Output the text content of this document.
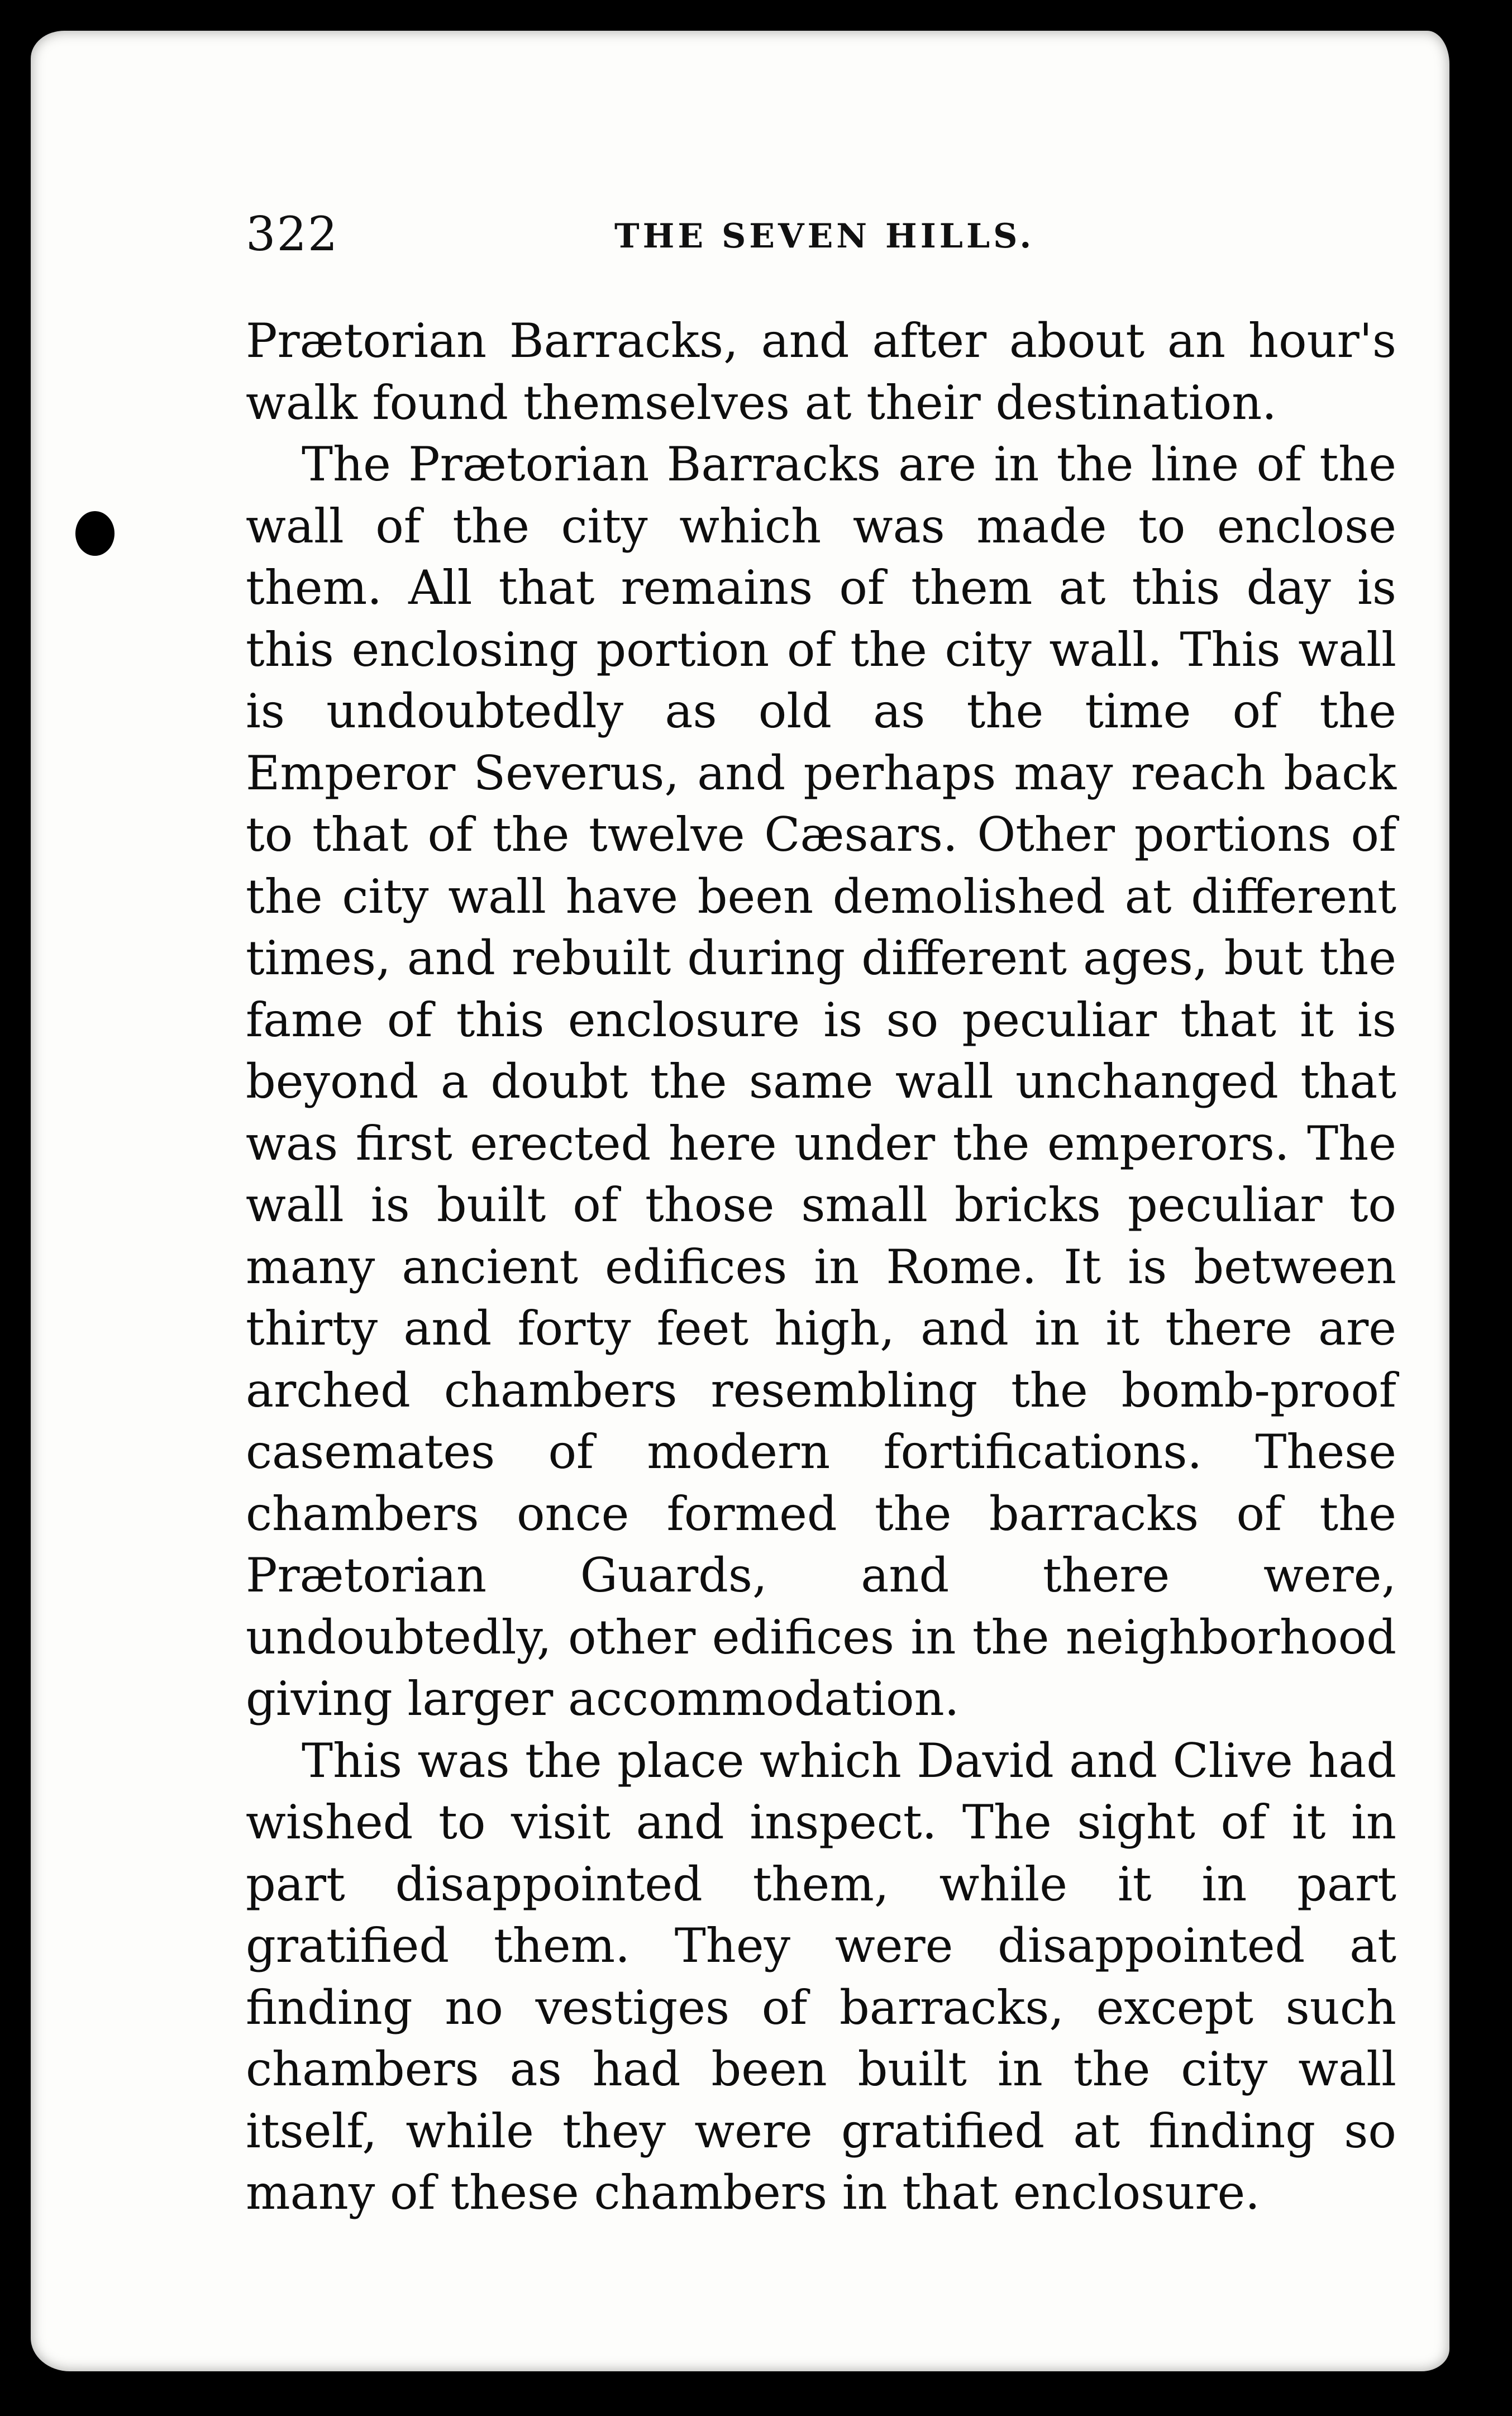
322	THE SEVEN HILLS.

Prætorian Barracks, and after about an hour's walk found themselves at their destination.

The Prætorian Barracks are in the line of the wall of the city which was made to enclose them. All that remains of them at this day is this enclosing portion of the city wall. This wall is undoubtedly as old as the time of the Emperor Severus, and perhaps may reach back to that of the twelve Cæsars. Other portions of the city wall have been demolished at different times, and rebuilt during different ages, but the fame of this enclosure is so peculiar that it is beyond a doubt the same wall unchanged that was first erected here under the emperors. The wall is built of those small bricks peculiar to many ancient edifices in Rome. It is between thirty and forty feet high, and in it there are arched chambers resembling the bomb-proof casemates of modern fortifications. These chambers once formed the barracks of the Prætorian Guards, and there were, undoubtedly, other edifices in the neighborhood giving larger accommodation.

This was the place which David and Clive had wished to visit and inspect. The sight of it in part disappointed them, while it in part gratified them. They were disappointed at finding no vestiges of barracks, except such chambers as had been built in the city wall itself, while they were gratified at finding so many of these chambers in that enclosure.
